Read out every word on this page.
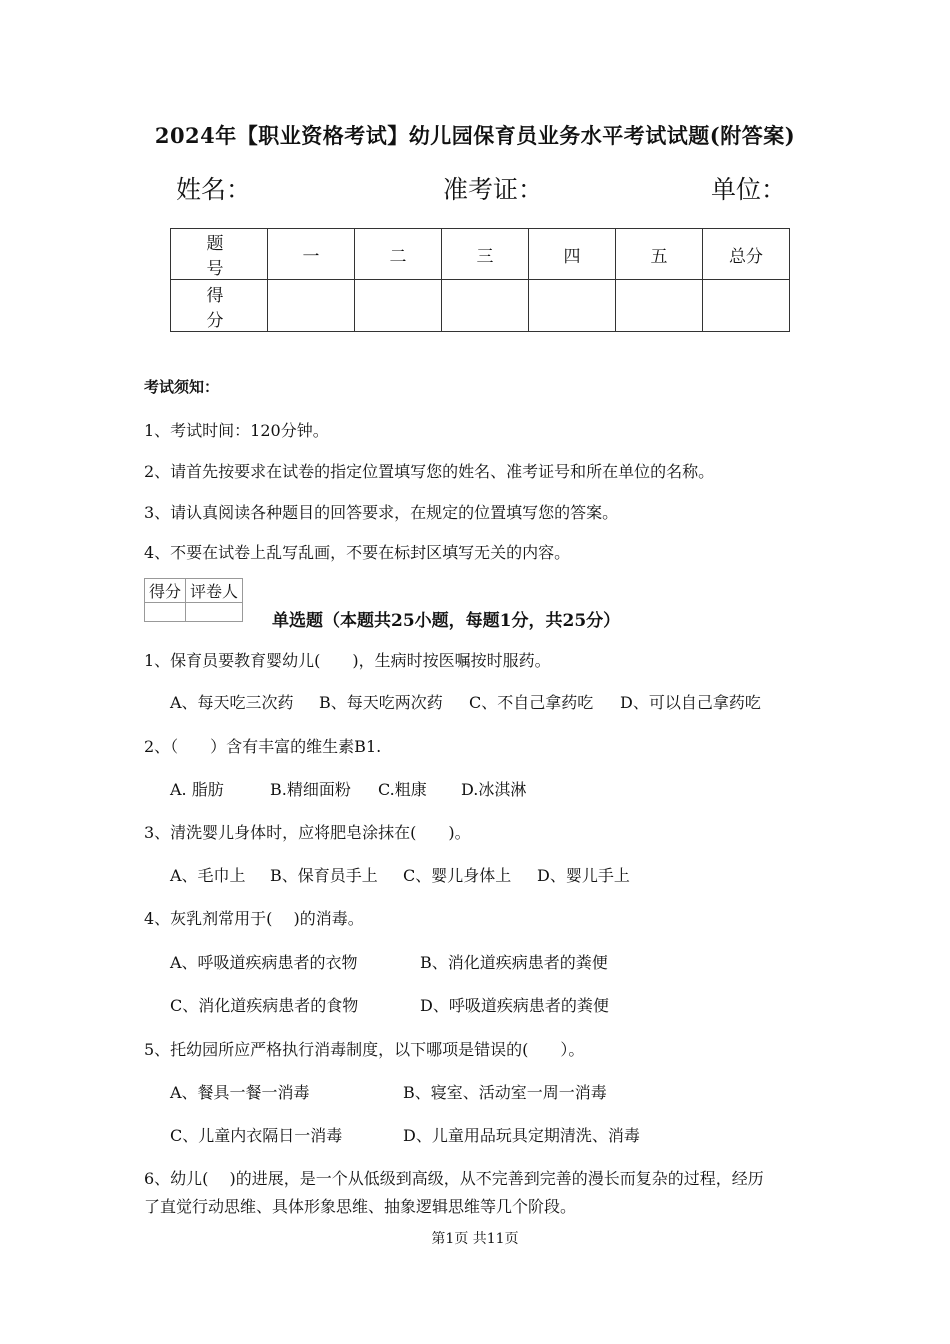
2024年【职业资格考试】幼儿园保育员业务水平考试试题(附答案)
姓名：	准考证：	单位：
题　号	一	二	三	四	五	总分
得　分						
考试须知：
1、考试时间：120分钟。
2、请首先按要求在试卷的指定位置填写您的姓名、准考证号和所在单位的名称。
3、请认真阅读各种题目的回答要求，在规定的位置填写您的答案。
4、不要在试卷上乱写乱画，不要在标封区填写无关的内容。
得分	评卷人

单选题（本题共25小题，每题1分，共25分）
1、保育员要教育婴幼儿(　　)，生病时按医嘱按时服药。
A、每天吃三次药 B、每天吃两次药 C、不自己拿药吃 D、可以自己拿药吃
2、（　　）含有丰富的维生素B1.
A. 脂肪	B.精细面粉 C.粗康 D.冰淇淋
3、清洗婴儿身体时，应将肥皂涂抹在(　　)。
A、毛巾上 B、保育员手上 C、婴儿身体上 D、婴儿手上
4、灰乳剂常用于(　 )的消毒。
A、呼吸道疾病患者的衣物	B、消化道疾病患者的粪便
C、消化道疾病患者的食物	D、呼吸道疾病患者的粪便
5、托幼园所应严格执行消毒制度，以下哪项是错误的(　　）。
A、餐具一餐一消毒	B、寝室、活动室一周一消毒
C、儿童内衣隔日一消毒	D、儿童用品玩具定期清洗、消毒
6、幼儿(　 )的进展，是一个从低级到高级，从不完善到完善的漫长而复杂的过程，经历
了直觉行动思维、具体形象思维、抽象逻辑思维等几个阶段。
第1页 共11页
